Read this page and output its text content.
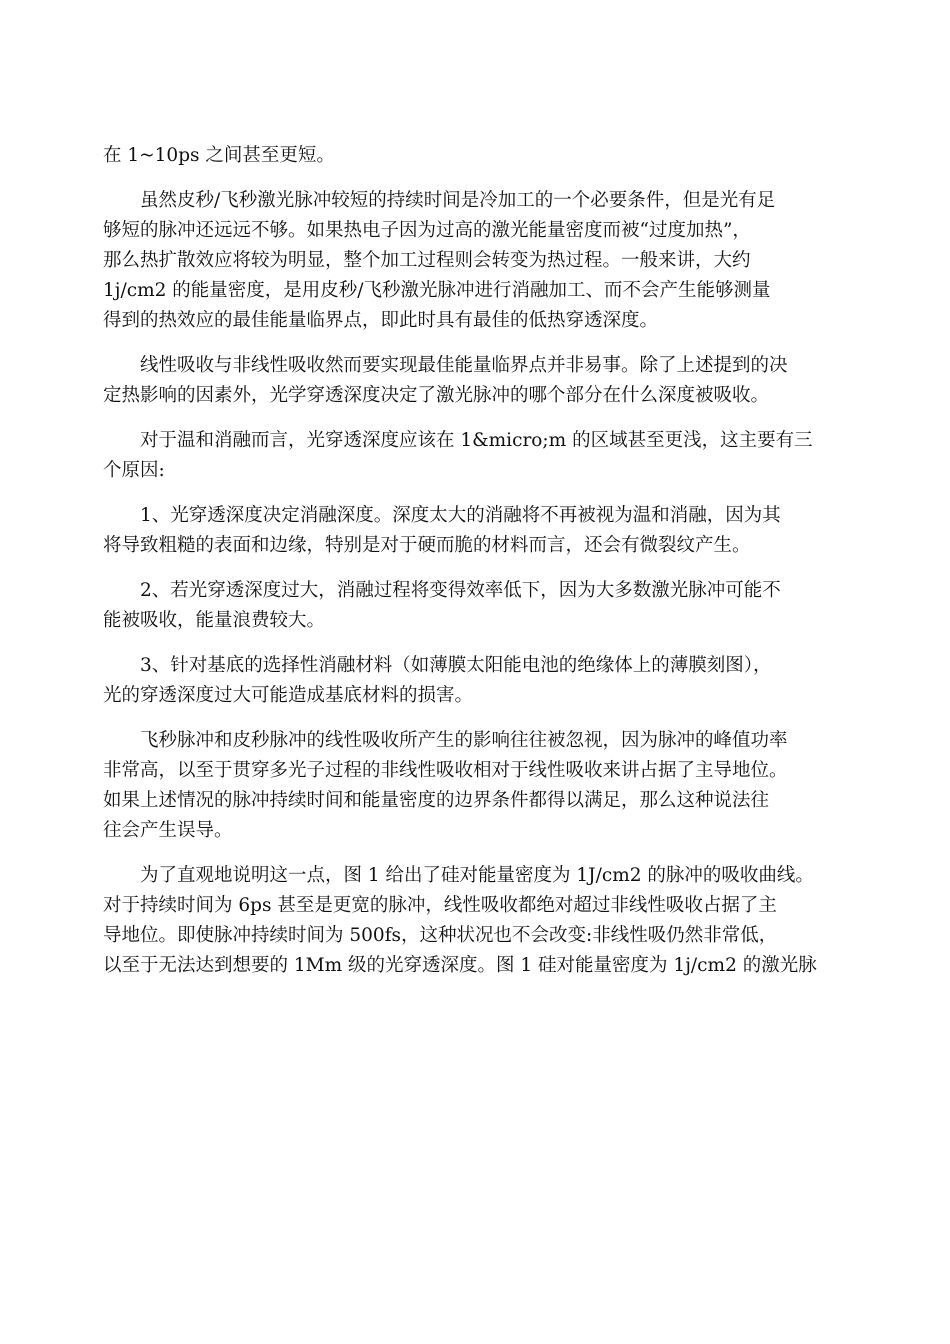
在 1~10ps 之间甚至更短。
虽然皮秒/飞秒激光脉冲较短的持续时间是冷加工的一个必要条件，但是光有足
够短的脉冲还远远不够。如果热电子因为过高的激光能量密度而被“过度加热”，
那么热扩散效应将较为明显，整个加工过程则会转变为热过程。一般来讲，大约
1j/cm2 的能量密度，是用皮秒/飞秒激光脉冲进行消融加工、而不会产生能够测量
得到的热效应的最佳能量临界点，即此时具有最佳的低热穿透深度。
线性吸收与非线性吸收然而要实现最佳能量临界点并非易事。除了上述提到的决
定热影响的因素外，光学穿透深度决定了激光脉冲的哪个部分在什么深度被吸收。
对于温和消融而言，光穿透深度应该在 1&micro;m 的区域甚至更浅，这主要有三
个原因:
1、光穿透深度决定消融深度。深度太大的消融将不再被视为温和消融，因为其
将导致粗糙的表面和边缘，特别是对于硬而脆的材料而言，还会有微裂纹产生。
2、若光穿透深度过大，消融过程将变得效率低下，因为大多数激光脉冲可能不
能被吸收，能量浪费较大。
3、针对基底的选择性消融材料（如薄膜太阳能电池的绝缘体上的薄膜刻图），
光的穿透深度过大可能造成基底材料的损害。
飞秒脉冲和皮秒脉冲的线性吸收所产生的影响往往被忽视，因为脉冲的峰值功率
非常高，以至于贯穿多光子过程的非线性吸收相对于线性吸收来讲占据了主导地位。
如果上述情况的脉冲持续时间和能量密度的边界条件都得以满足，那么这种说法往
往会产生误导。
为了直观地说明这一点，图 1 给出了硅对能量密度为 1J/cm2 的脉冲的吸收曲线。
对于持续时间为 6ps 甚至是更宽的脉冲，线性吸收都绝对超过非线性吸收占据了主
导地位。即使脉冲持续时间为 500fs，这种状况也不会改变:非线性吸仍然非常低，
以至于无法达到想要的 1Mm 级的光穿透深度。图 1 硅对能量密度为 1j/cm2 的激光脉
